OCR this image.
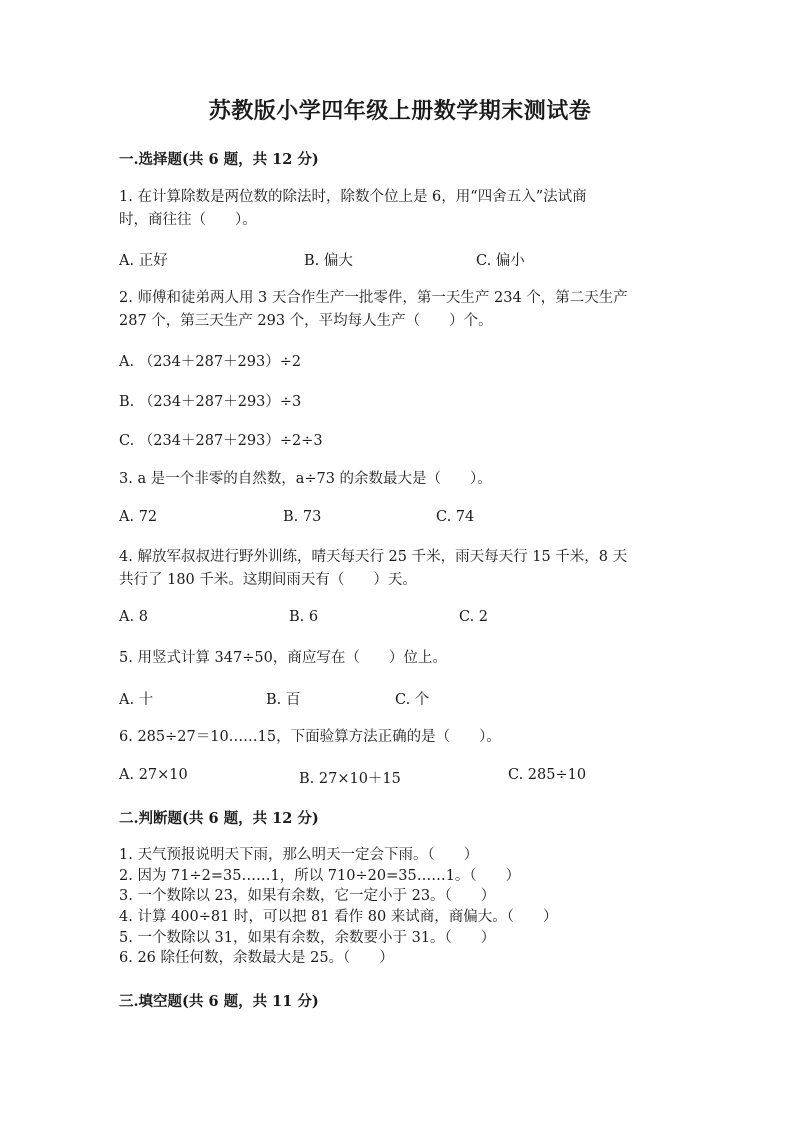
苏教版小学四年级上册数学期末测试卷
一.选择题(共 6 题，共 12 分)
1. 在计算除数是两位数的除法时，除数个位上是 6，用“四舍五入”法试商
时，商往往（　　）。
A. 正好	B. 偏大	C. 偏小
2. 师傅和徒弟两人用 3 天合作生产一批零件，第一天生产 234 个，第二天生产
287 个，第三天生产 293 个，平均每人生产（　　）个。
A. （234＋287＋293）÷2
B. （234＋287＋293）÷3
C. （234＋287＋293）÷2÷3
3. a 是一个非零的自然数，a÷73 的余数最大是（　　）。
A. 72	B. 73	C. 74
4. 解放军叔叔进行野外训练，晴天每天行 25 千米，雨天每天行 15 千米，8 天
共行了 180 千米。这期间雨天有（　　）天。
A. 8	B. 6	C. 2
5. 用竖式计算 347÷50，商应写在（　　）位上。
A. 十	B. 百	C. 个
6. 285÷27＝10……15，下面验算方法正确的是（　　）。
A. 27×10	B. 27×10＋15	C. 285÷10
二.判断题(共 6 题，共 12 分)
1. 天气预报说明天下雨，那么明天一定会下雨。（　　）
2. 因为 71÷2=35……1，所以 710÷20=35……1。（　　）
3. 一个数除以 23，如果有余数，它一定小于 23。（　　）
4. 计算 400÷81 时，可以把 81 看作 80 来试商，商偏大。（　　）
5. 一个数除以 31，如果有余数，余数要小于 31。（　　）
6. 26 除任何数，余数最大是 25。（　　）
三.填空题(共 6 题，共 11 分)
